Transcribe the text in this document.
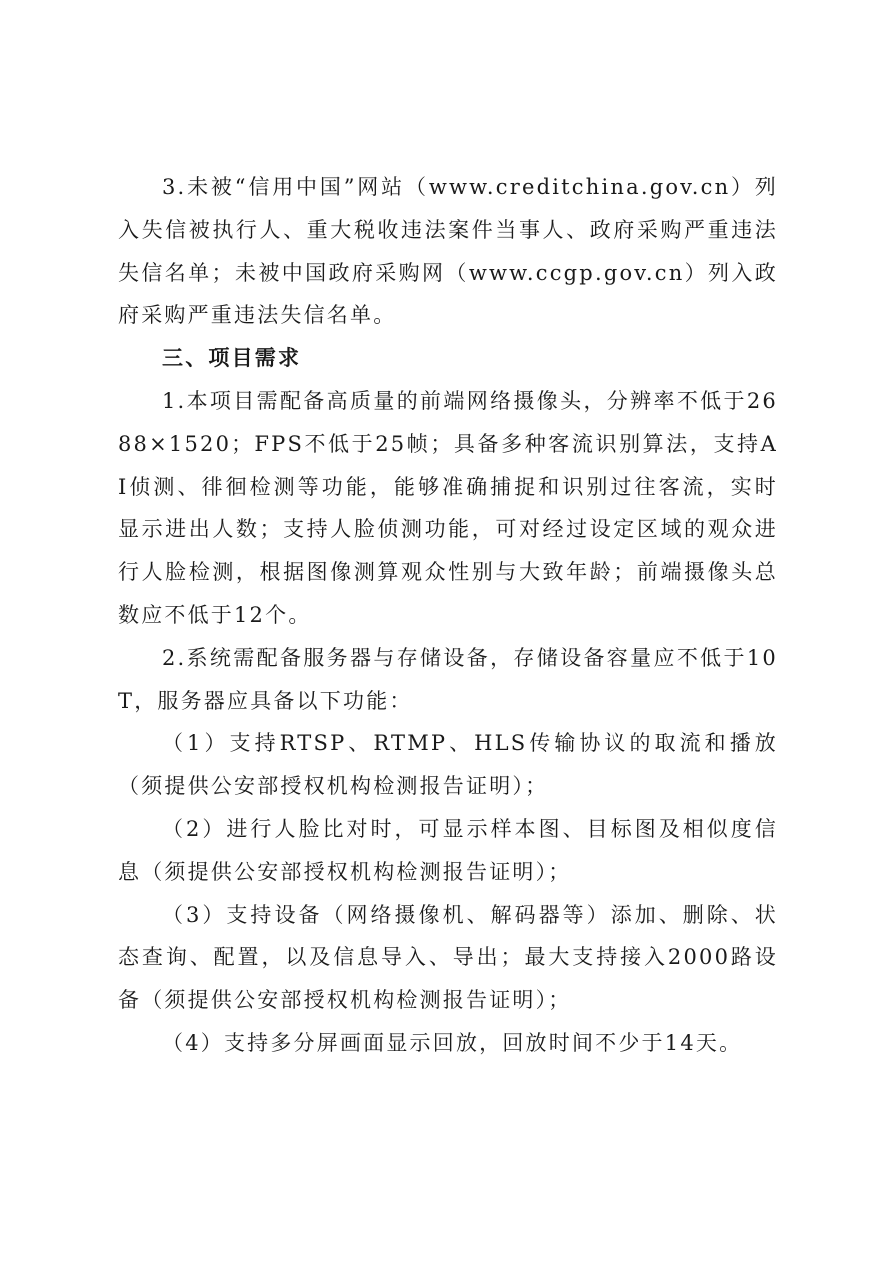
3.未被“信用中国”网站（www.creditchina.gov.cn）列入失信被执行人、重大税收违法案件当事人、政府采购严重违法失信名单；未被中国政府采购网（www.ccgp.gov.cn）列入政府采购严重违法失信名单。

三、项目需求

1.本项目需配备高质量的前端网络摄像头，分辨率不低于2688×1520；FPS不低于25帧；具备多种客流识别算法，支持AI侦测、徘徊检测等功能，能够准确捕捉和识别过往客流，实时显示进出人数；支持人脸侦测功能，可对经过设定区域的观众进行人脸检测，根据图像测算观众性别与大致年龄；前端摄像头总数应不低于12个。

2.系统需配备服务器与存储设备，存储设备容量应不低于10T，服务器应具备以下功能：

（1）支持RTSP、RTMP、HLS传输协议的取流和播放（须提供公安部授权机构检测报告证明）；

（2）进行人脸比对时，可显示样本图、目标图及相似度信息（须提供公安部授权机构检测报告证明）；

（3）支持设备（网络摄像机、解码器等）添加、删除、状态查询、配置，以及信息导入、导出；最大支持接入2000路设备（须提供公安部授权机构检测报告证明）；

（4）支持多分屏画面显示回放，回放时间不少于14天。
